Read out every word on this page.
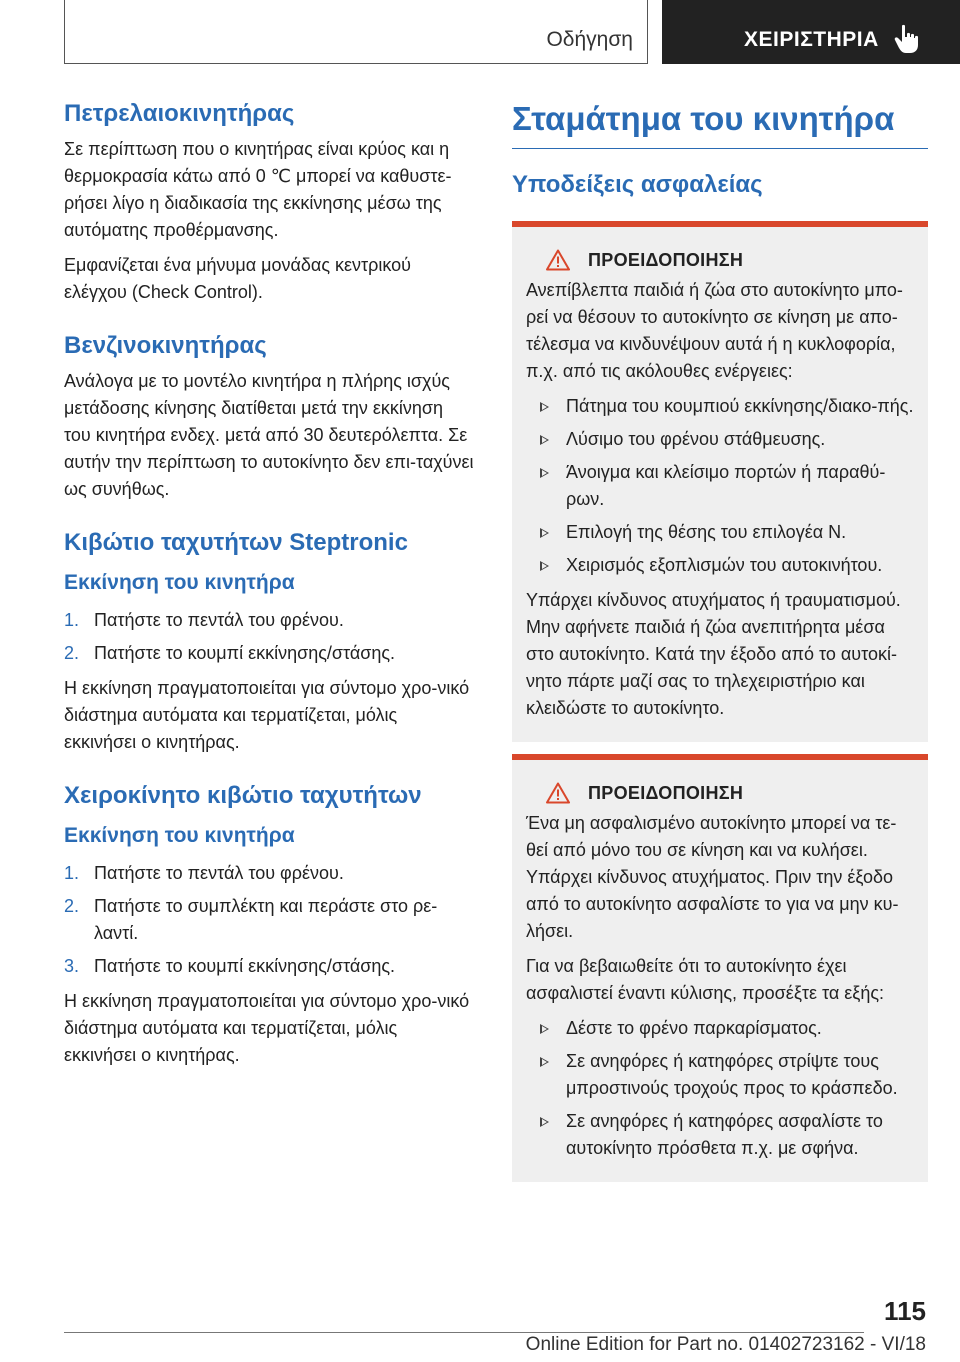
Οδήγηση	ΧΕΙΡΙΣΤΗΡΙΑ
Πετρελαιοκινητήρας

Σε περίπτωση που ο κινητήρας είναι κρύος και η θερμοκρασία κάτω από 0 ℃ μπορεί να καθυστε-ρήσει λίγο η διαδικασία της εκκίνησης μέσω της αυτόματης προθέρμανσης.

Εμφανίζεται ένα μήνυμα μονάδας κεντρικού ελέγχου (Check Control).

Βενζινοκινητήρας

Ανάλογα με το μοντέλο κινητήρα η πλήρης ισχύς μετάδοσης κίνησης διατίθεται μετά την εκκίνηση του κινητήρα ενδεχ. μετά από 30 δευτερόλεπτα. Σε αυτήν την περίπτωση το αυτοκίνητο δεν επι-ταχύνει ως συνήθως.

Κιβώτιο ταχυτήτων Steptronic
Εκκίνηση του κινητήρα
1. Πατήστε το πεντάλ του φρένου.
2. Πατήστε το κουμπί εκκίνησης/στάσης.

Η εκκίνηση πραγματοποιείται για σύντομο χρο-νικό διάστημα αυτόματα και τερματίζεται, μόλις εκκινήσει ο κινητήρας.

Χειροκίνητο κιβώτιο ταχυτήτων
Εκκίνηση του κινητήρα
1. Πατήστε το πεντάλ του φρένου.
2. Πατήστε το συμπλέκτη και περάστε στο ρε-λαντί.
3. Πατήστε το κουμπί εκκίνησης/στάσης.

Η εκκίνηση πραγματοποιείται για σύντομο χρο-νικό διάστημα αυτόματα και τερματίζεται, μόλις εκκινήσει ο κινητήρας.

Σταμάτημα του κινητήρα
Υποδείξεις ασφαλείας
ΠΡΟΕΙΔΟΠΟΙΗΣΗ

Ανεπίβλεπτα παιδιά ή ζώα στο αυτοκίνητο μπο-ρεί να θέσουν το αυτοκίνητο σε κίνηση με απο-τέλεσμα να κινδυνέψουν αυτά ή η κυκλοφορία, π.χ. από τις ακόλουθες ενέργειες:

Πάτημα του κουμπιού εκκίνησης/διακο-πής.
Λύσιμο του φρένου στάθμευσης.
Άνοιγμα και κλείσιμο πορτών ή παραθύ-ρων.
Επιλογή της θέσης του επιλογέα N.
Χειρισμός εξοπλισμών του αυτοκινήτου.

Υπάρχει κίνδυνος ατυχήματος ή τραυματισμού. Μην αφήνετε παιδιά ή ζώα ανεπιτήρητα μέσα στο αυτοκίνητο. Κατά την έξοδο από το αυτοκί-νητο πάρτε μαζί σας το τηλεχειριστήριο και κλειδώστε το αυτοκίνητο.

ΠΡΟΕΙΔΟΠΟΙΗΣΗ

Ένα μη ασφαλισμένο αυτοκίνητο μπορεί να τε-θεί από μόνο του σε κίνηση και να κυλήσει. Υπάρχει κίνδυνος ατυχήματος. Πριν την έξοδο από το αυτοκίνητο ασφαλίστε το για να μην κυ-λήσει.

Για να βεβαιωθείτε ότι το αυτοκίνητο έχει ασφαλιστεί έναντι κύλισης, προσέξτε τα εξής:

Δέστε το φρένο παρκαρίσματος.
Σε ανηφόρες ή κατηφόρες στρίψτε τους μπροστινούς τροχούς προς το κράσπεδο.
Σε ανηφόρες ή κατηφόρες ασφαλίστε το αυτοκίνητο πρόσθετα π.χ. με σφήνα.
115
Online Edition for Part no. 01402723162 - VI/18
